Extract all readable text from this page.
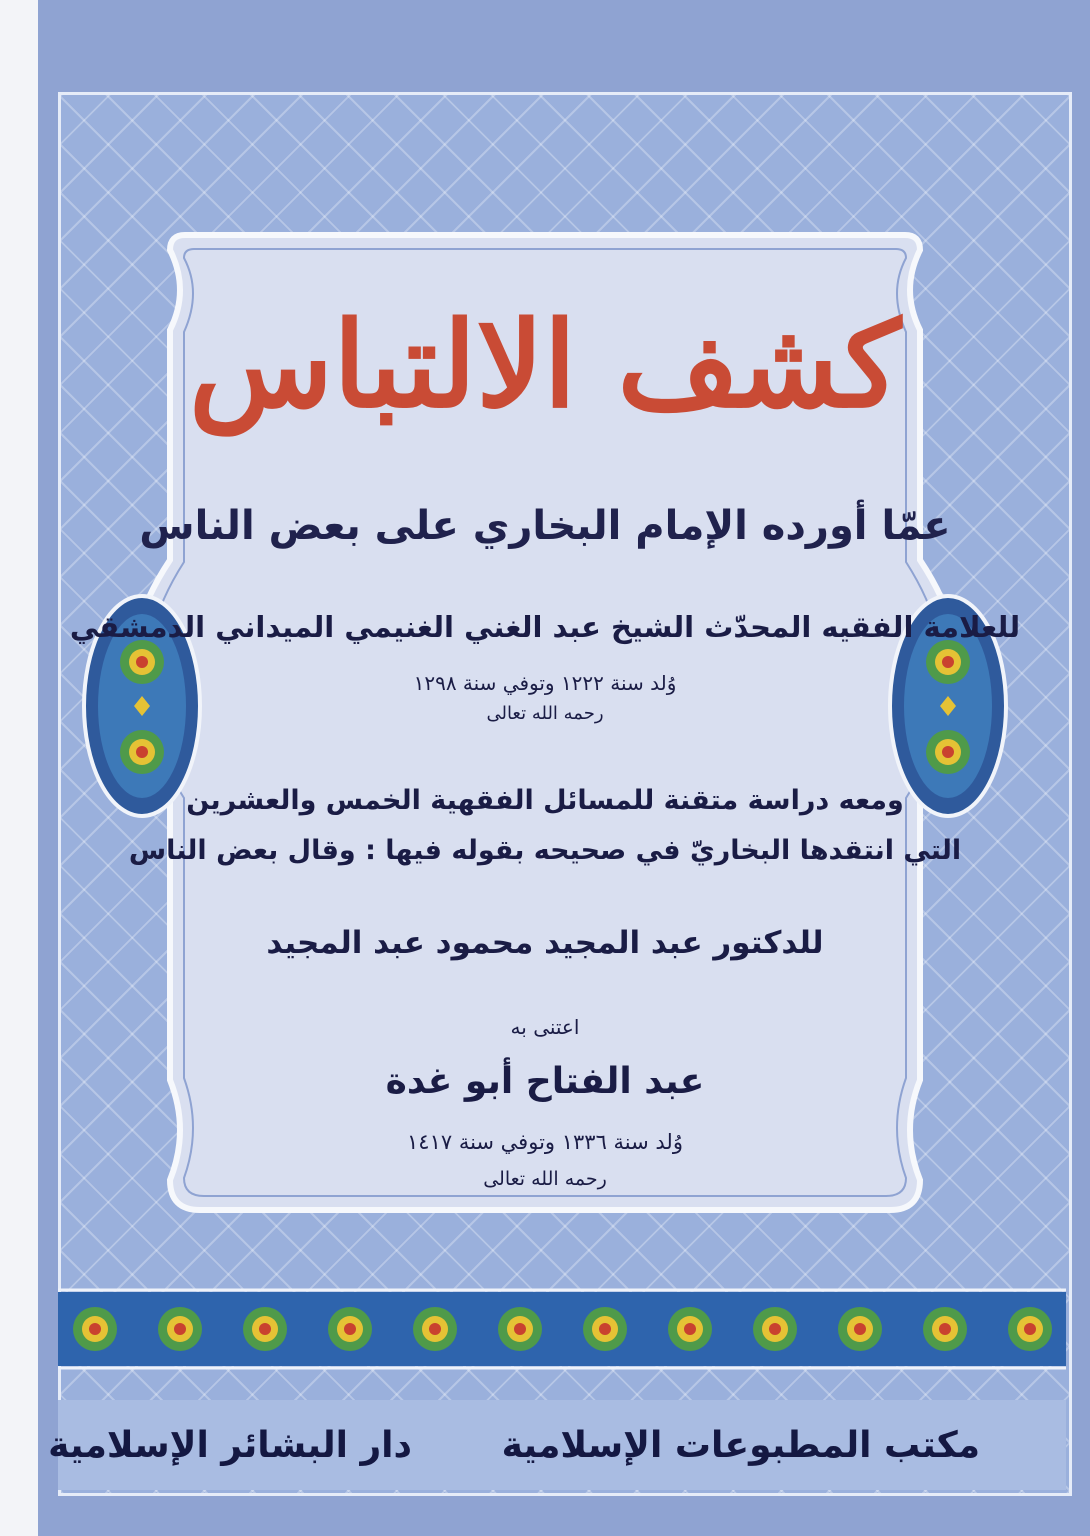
كشف الالتباس
عمّا أورده الإمام البخاري على بعض الناس
للعلامة الفقيه المحدّث الشيخ عبد الغني الغنيمي الميداني الدمشقي
وُلد سنة ١٢٢٢ وتوفي سنة ١٢٩٨
رحمه الله تعالى
ومعه دراسة متقنة للمسائل الفقهية الخمس والعشرين
التي انتقدها البخاريّ في صحيحه بقوله فيها : وقال بعض الناس
للدكتور عبد المجيد محمود عبد المجيد
اعتنى به
عبد الفتاح أبو غدة
وُلد سنة ١٣٣٦ وتوفي سنة ١٤١٧
رحمه الله تعالى
دار البشائر الإسلامية مكتب المطبوعات الإسلامية
